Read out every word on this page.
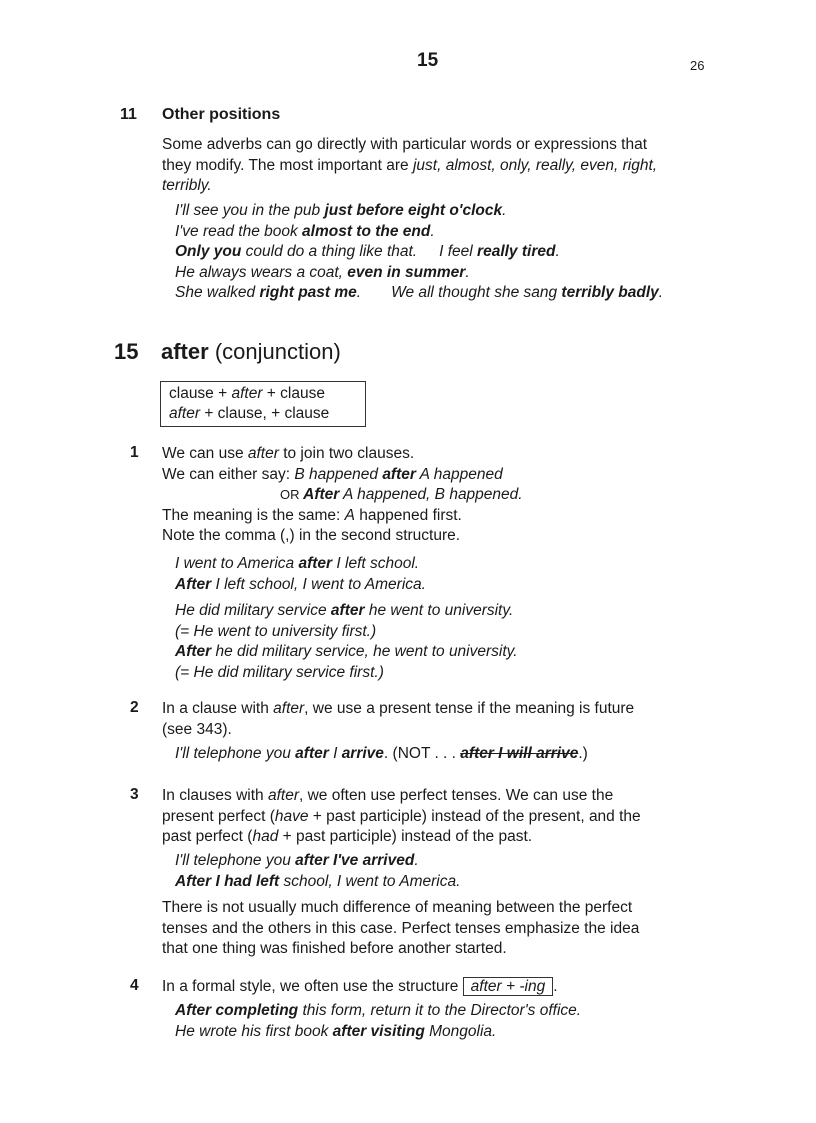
15	26
11 Other positions
Some adverbs can go directly with particular words or expressions that
they modify. The most important are just, almost, only, really, even, right,
terribly.
I'll see you in the pub just before eight o'clock.
I've read the book almost to the end.
Only you could do a thing like that. I feel really tired.
He always wears a coat, even in summer.
She walked right past me. We all thought she sang terribly badly.
15 after (conjunction)
clause + after + clause
after + clause, + clause
1 We can use after to join two clauses.
We can either say: B happened after A happened
OR After A happened, B happened.
The meaning is the same: A happened first.
Note the comma (,) in the second structure.
I went to America after I left school.
After I left school, I went to America.
He did military service after he went to university.
(= He went to university first.)
After he did military service, he went to university.
(= He did military service first.)
2 In a clause with after, we use a present tense if the meaning is future
(see 343).
I'll telephone you after I arrive. (NOT . . . after I will arrive.)
3 In clauses with after, we often use perfect tenses. We can use the
present perfect (have + past participle) instead of the present, and the
past perfect (had + past participle) instead of the past.
I'll telephone you after I've arrived.
After I had left school, I went to America.
There is not usually much difference of meaning between the perfect
tenses and the others in this case. Perfect tenses emphasize the idea
that one thing was finished before another started.
4 In a formal style, we often use the structure after + -ing .
After completing this form, return it to the Director's office.
He wrote his first book after visiting Mongolia.
